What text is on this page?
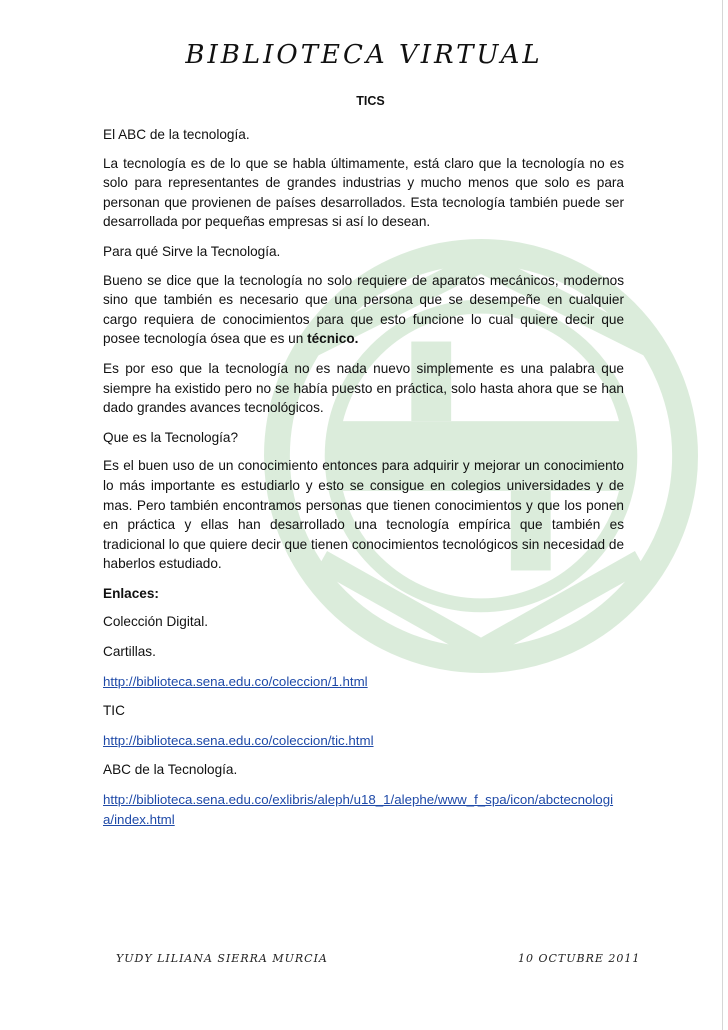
BIBLIOTECA VIRTUAL
TICS

El ABC de la tecnología.

La tecnología es de lo que se habla últimamente, está claro que la tecnología no es solo para representantes de grandes industrias y mucho menos que solo es para personan que provienen de países desarrollados. Esta tecnología también puede ser desarrollada por pequeñas empresas si así lo desean.

Para qué Sirve la Tecnología.

Bueno se dice que la tecnología no solo requiere de aparatos mecánicos, modernos sino que también es necesario que una persona que se desempeñe en cualquier cargo requiera de conocimientos para que esto funcione lo cual quiere decir que posee tecnología ósea que es un técnico.

Es por eso que la tecnología no es nada nuevo simplemente es una palabra que siempre ha existido pero no se había puesto en práctica, solo hasta ahora que se han dado grandes avances tecnológicos.

Que es la Tecnología?

Es el buen uso de un conocimiento entonces para adquirir y mejorar un conocimiento lo más importante es estudiarlo y esto se consigue en colegios universidades y de mas. Pero también encontramos personas que tienen conocimientos y que los ponen en práctica y ellas han desarrollado una tecnología empírica que también es tradicional lo que quiere decir que tienen conocimientos tecnológicos sin necesidad de haberlos estudiado.

Enlaces:

Colección Digital.

Cartillas.

http://biblioteca.sena.edu.co/coleccion/1.html

TIC

http://biblioteca.sena.edu.co/coleccion/tic.html

ABC de la Tecnología.

http://biblioteca.sena.edu.co/exlibris/aleph/u18_1/alephe/www_f_spa/icon/abctecnologia/index.html

YUDY LILIANA SIERRA MURCIA	10 OCTUBRE 2011
